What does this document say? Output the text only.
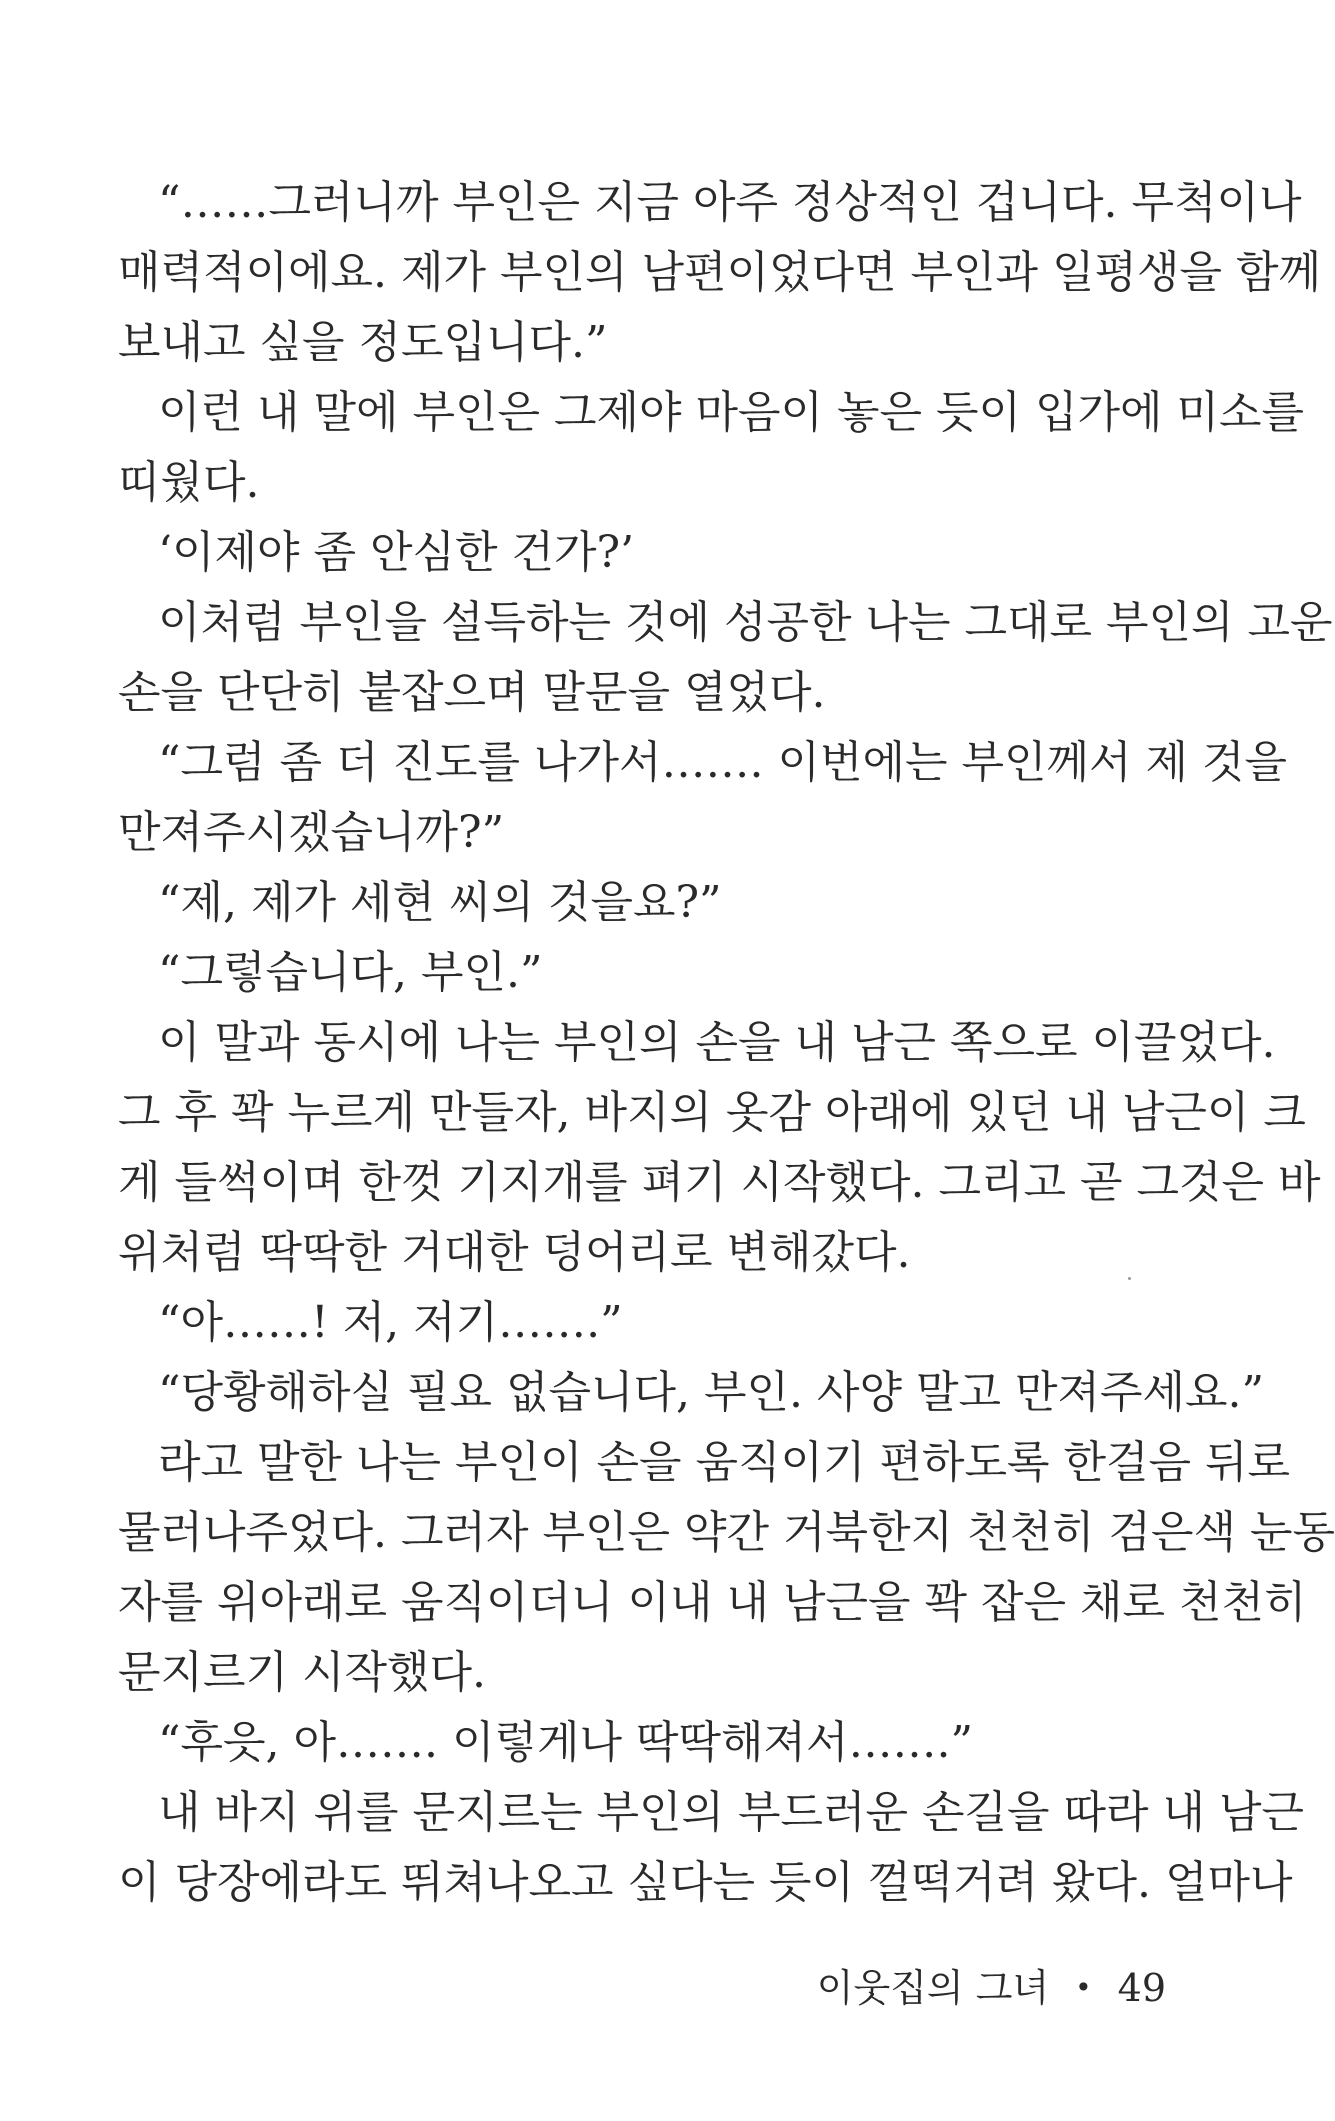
“……그러니까 부인은 지금 아주 정상적인 겁니다. 무척이나
매력적이에요. 제가 부인의 남편이었다면 부인과 일평생을 함께
보내고 싶을 정도입니다.”
이런 내 말에 부인은 그제야 마음이 놓은 듯이 입가에 미소를
띠웠다.
‘이제야 좀 안심한 건가?’
이처럼 부인을 설득하는 것에 성공한 나는 그대로 부인의 고운
손을 단단히 붙잡으며 말문을 열었다.
“그럼 좀 더 진도를 나가서……. 이번에는 부인께서 제 것을
만져주시겠습니까?”
“제, 제가 세현 씨의 것을요?”
“그렇습니다, 부인.”
이 말과 동시에 나는 부인의 손을 내 남근 쪽으로 이끌었다.
그 후 꽉 누르게 만들자, 바지의 옷감 아래에 있던 내 남근이 크
게 들썩이며 한껏 기지개를 펴기 시작했다. 그리고 곧 그것은 바
위처럼 딱딱한 거대한 덩어리로 변해갔다.
“아……! 저, 저기…….”
“당황해하실 필요 없습니다, 부인. 사양 말고 만져주세요.”
라고 말한 나는 부인이 손을 움직이기 편하도록 한걸음 뒤로
물러나주었다. 그러자 부인은 약간 거북한지 천천히 검은색 눈동
자를 위아래로 움직이더니 이내 내 남근을 꽉 잡은 채로 천천히
문지르기 시작했다.
“후읏, 아……. 이렇게나 딱딱해져서…….”
내 바지 위를 문지르는 부인의 부드러운 손길을 따라 내 남근
이 당장에라도 뛰쳐나오고 싶다는 듯이 껄떡거려 왔다. 얼마나
이웃집의 그녀 • 49
